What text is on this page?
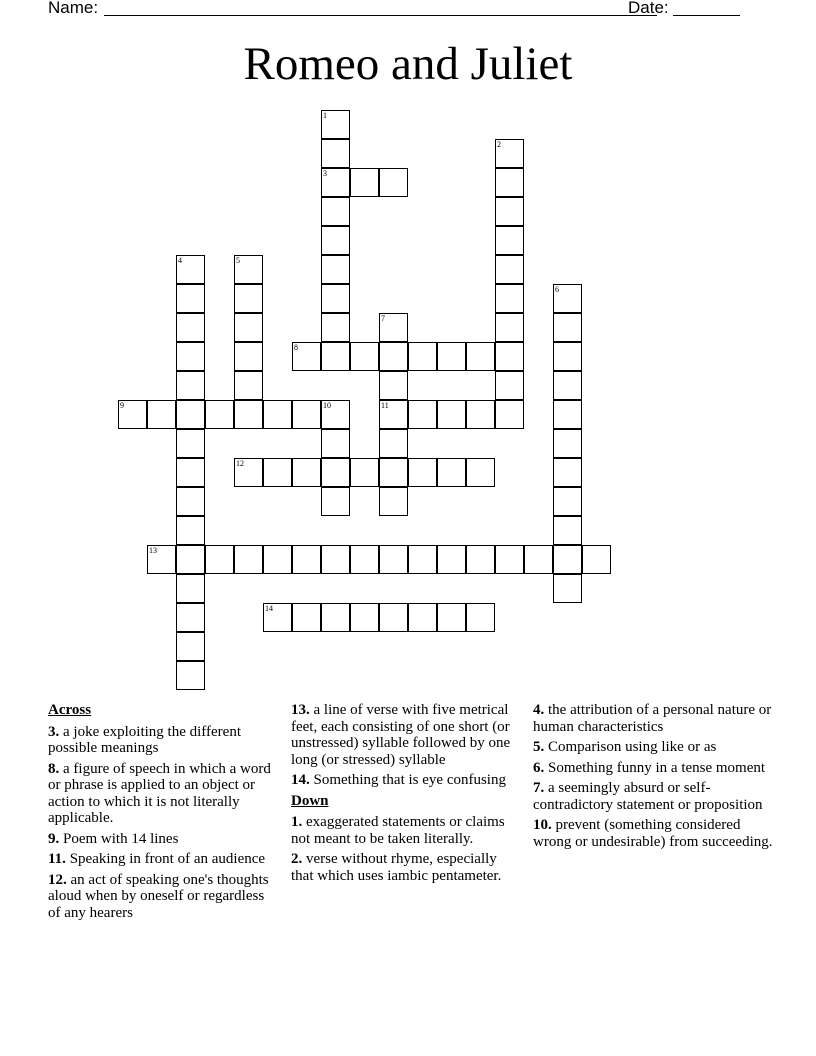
Name:	Date:
Romeo and Juliet
1
3
2
4	5
6
7
11
8
9	10
12
13
14
Across
3. a joke exploiting the different possible meanings
8. a figure of speech in which a word or phrase is applied to an object or action to which it is not literally applicable.
9. Poem with 14 lines
11. Speaking in front of an audience
12. an act of speaking one's thoughts aloud when by oneself or regardless of any hearers
13. a line of verse with five metrical feet, each consisting of one short (or unstressed) syllable followed by one long (or stressed) syllable
14. Something that is eye confusing
Down
1. exaggerated statements or claims not meant to be taken literally.
2. verse without rhyme, especially that which uses iambic pentameter.
4. the attribution of a personal nature or human characteristics
5. Comparison using like or as
6. Something funny in a tense moment
7. a seemingly absurd or self-contradictory statement or proposition
10. prevent (something considered wrong or undesirable) from succeeding.
